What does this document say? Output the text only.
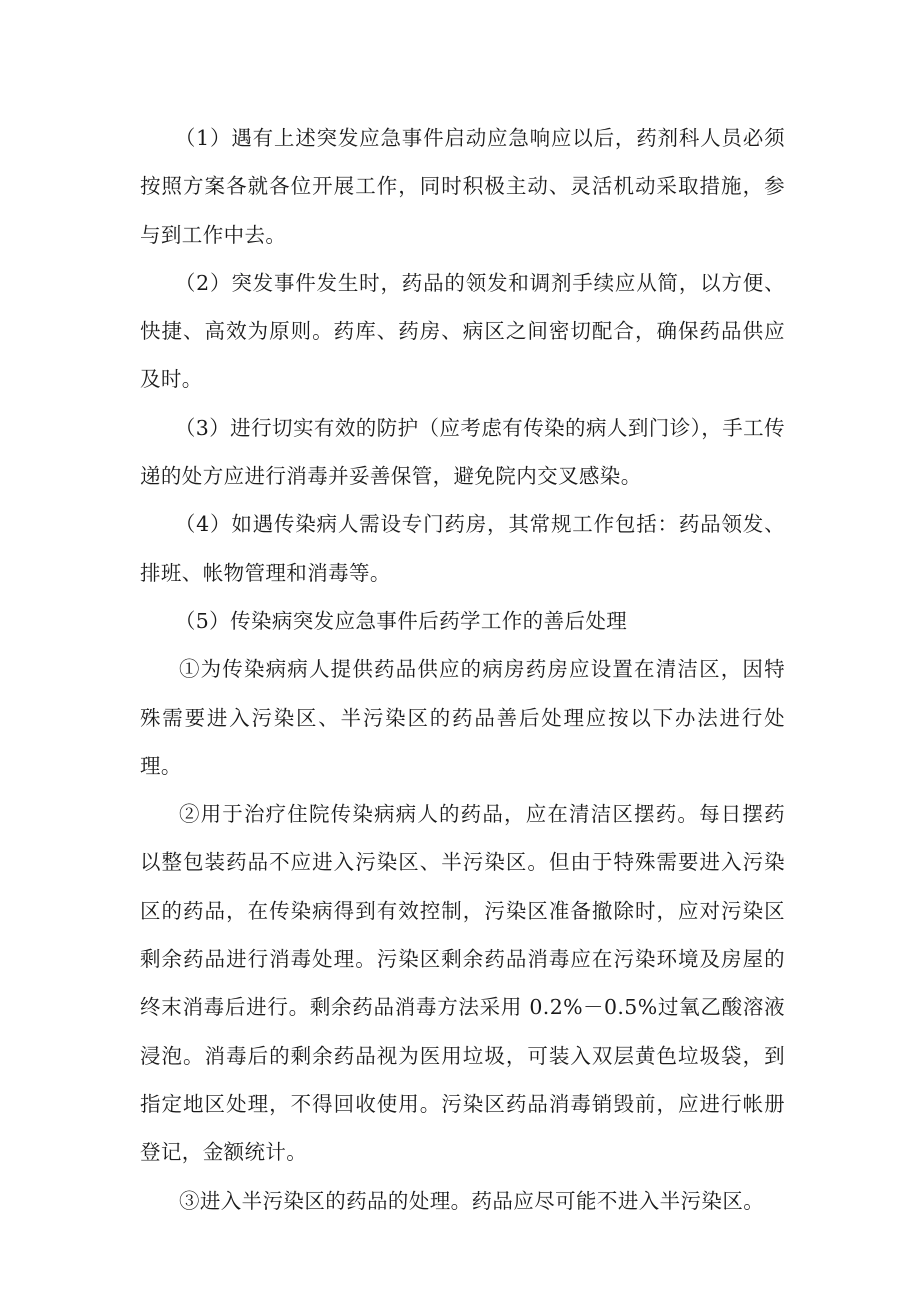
（1）遇有上述突发应急事件启动应急响应以后，药剂科人员必须按照方案各就各位开展工作，同时积极主动、灵活机动采取措施，参与到工作中去。

（2）突发事件发生时，药品的领发和调剂手续应从简，以方便、快捷、高效为原则。药库、药房、病区之间密切配合，确保药品供应及时。

（3）进行切实有效的防护（应考虑有传染的病人到门诊），手工传递的处方应进行消毒并妥善保管，避免院内交叉感染。

（4）如遇传染病人需设专门药房，其常规工作包括：药品领发、排班、帐物管理和消毒等。

（5）传染病突发应急事件后药学工作的善后处理

①为传染病病人提供药品供应的病房药房应设置在清洁区，因特殊需要进入污染区、半污染区的药品善后处理应按以下办法进行处理。

②用于治疗住院传染病病人的药品，应在清洁区摆药。每日摆药以整包装药品不应进入污染区、半污染区。但由于特殊需要进入污染区的药品，在传染病得到有效控制，污染区准备撤除时，应对污染区剩余药品进行消毒处理。污染区剩余药品消毒应在污染环境及房屋的终末消毒后进行。剩余药品消毒方法采用 0.2%－0.5%过氧乙酸溶液浸泡。消毒后的剩余药品视为医用垃圾，可装入双层黄色垃圾袋，到指定地区处理，不得回收使用。污染区药品消毒销毁前，应进行帐册登记，金额统计。

③进入半污染区的药品的处理。药品应尽可能不进入半污染区。
